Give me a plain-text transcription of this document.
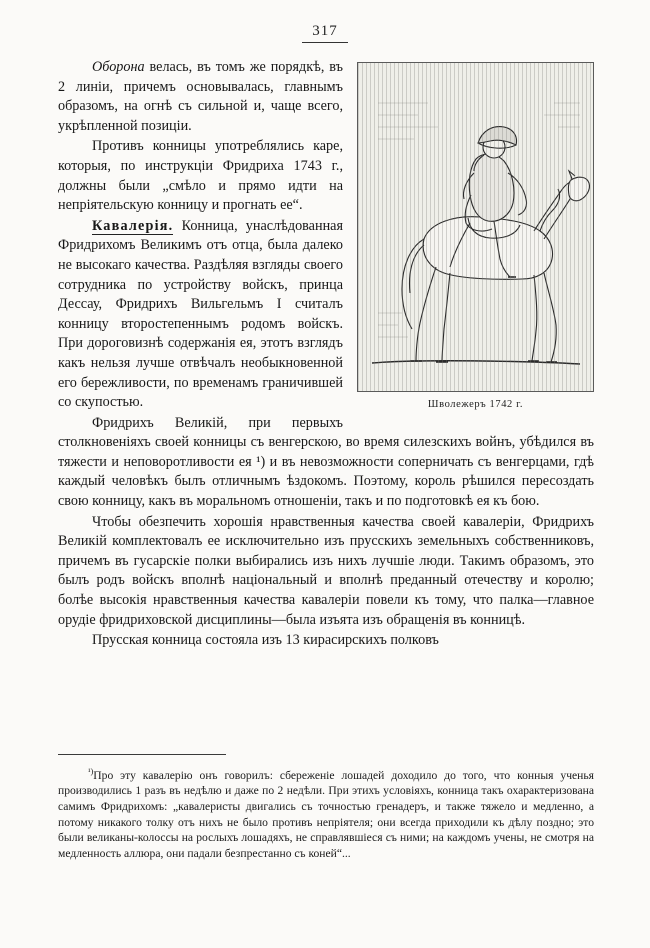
317
Шволежеръ 1742 г.

Оборона велась, въ томъ же порядкѣ, въ 2 линіи, причемъ основывалась, главнымъ образомъ, на огнѣ съ сильной и, чаще всего, укрѣпленной позиціи.

Противъ конницы употреблялись каре, которыя, по инструкціи Фридриха 1743 г., должны были „смѣло и прямо идти на непріятельскую конницу и прогнать ее“.

Кавалерія. Конница, унаслѣдованная Фридрихомъ Великимъ отъ отца, была далеко не высокаго качества. Раздѣляя взгляды своего сотрудника по устройству войскъ, принца Дессау, Фридрихъ Вильгельмъ I считалъ конницу второстепеннымъ родомъ войскъ. При дороговизнѣ содержанія ея, этотъ взглядъ какъ нельзя лучше отвѣчалъ необыкновенной его бережливости, по временамъ граничившей со скупостью.

Фридрихъ Великій, при первыхъ столкновеніяхъ своей конницы съ венгерскою, во время силезскихъ войнъ, убѣдился въ тяжести и неповоротливости ея ¹) и въ невозможности соперничать съ венгерцами, гдѣ каждый человѣкъ былъ отличнымъ ѣздокомъ. Поэтому, король рѣшился пересоздать свою конницу, какъ въ моральномъ отношеніи, такъ и по подготовкѣ ея къ бою.

Чтобы обезпечить хорошія нравственныя качества своей кавалеріи, Фридрихъ Великій комплектовалъ ее исключительно изъ прусскихъ земельныхъ собственниковъ, причемъ въ гусарскіе полки выбирались изъ нихъ лучшіе люди. Такимъ образомъ, это былъ родъ войскъ вполнѣ національный и вполнѣ преданный отечеству и королю; болѣе высокія нравственныя качества кавалеріи повели къ тому, что палка—главное орудіе фридриховской дисциплины—была изъята изъ обращенія въ конницѣ.

Прусская конница состояла изъ 13 кирасирскихъ полковъ

$^{^1)}$Про эту кавалерію онъ говорилъ: сбереженіе лошадей доходило до того, что конныя ученья производились 1 разъ въ недѣлю и даже по 2 недѣли. При этихъ условіяхъ, конница такъ охарактеризована самимъ Фридрихомъ: „кавалеристы двигались съ точностью гренадеръ, и также тяжело и медленно, а потому никакого толку отъ нихъ не было противъ непріятеля; они всегда приходили къ дѣлу поздно; это были великаны-колоссы на рослыхъ лошадяхъ, не справлявшіеся съ ними; на каждомъ учены, не смотря на медленность аллюра, они падали безпрестанно съ коней“...
